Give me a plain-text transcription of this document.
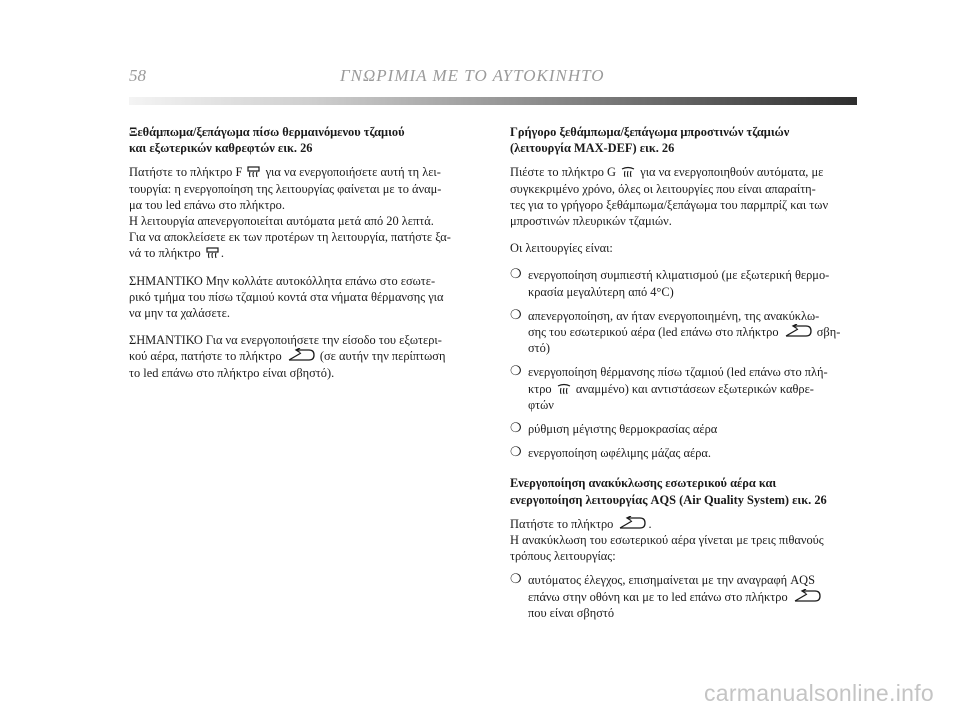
58	ΓΝΩΡΙΜΙΑ ΜΕ ΤΟ ΑΥΤΟΚΙΝΗΤΟ
Ξεθάμπωμα/ξεπάγωμα πίσω θερμαινόμενου τζαμιού
και εξωτερικών καθρεφτών εικ. 26
Πατήστε το πλήκτρο F για να ενεργοποιήσετε αυτή τη λει-
τουργία: η ενεργοποίηση της λειτουργίας φαίνεται με το άναμ-
μα του led επάνω στο πλήκτρο.
Η λειτουργία απενεργοποιείται αυτόματα μετά από 20 λεπτά.
Για να αποκλείσετε εκ των προτέρων τη λειτουργία, πατήστε ξα-
νά το πλήκτρο .
ΣΗΜΑΝΤΙΚΟ Μην κολλάτε αυτοκόλλητα επάνω στο εσωτε-
ρικό τμήμα του πίσω τζαμιού κοντά στα νήματα θέρμανσης για
να μην τα χαλάσετε.
ΣΗΜΑΝΤΙΚΟ Για να ενεργοποιήσετε την είσοδο του εξωτερι-
κού αέρα, πατήστε το πλήκτρο	(σε αυτήν την περίπτωση
το led επάνω στο πλήκτρο είναι σβηστό).
Γρήγορο ξεθάμπωμα/ξεπάγωμα μπροστινών τζαμιών
(λειτουργία MAX-DEF) εικ. 26
Πιέστε το πλήκτρο G για να ενεργοποιηθούν αυτόματα, με
συγκεκριμένο χρόνο, όλες οι λειτουργίες που είναι απαραίτη-
τες για το γρήγορο ξεθάμπωμα/ξεπάγωμα του παρμπρίζ και των
μπροστινών πλευρικών τζαμιών.
Οι λειτουργίες είναι:
❍ ενεργοποίηση συμπιεστή κλιματισμού (με εξωτερική θερμο-
κρασία μεγαλύτερη από 4°C)
❍ απενεργοποίηση, αν ήταν ενεργοποιημένη, της ανακύκλω-
σης του εσωτερικού αέρα (led επάνω στο πλήκτρο	σβη-
στό)
❍ ενεργοποίηση θέρμανσης πίσω τζαμιού (led επάνω στο πλή-
κτρο αναμμένο) και αντιστάσεων εξωτερικών καθρε-
φτών
❍ ρύθμιση μέγιστης θερμοκρασίας αέρα
❍ ενεργοποίηση ωφέλιμης μάζας αέρα.
Ενεργοποίηση ανακύκλωσης εσωτερικού αέρα και
ενεργοποίηση λειτουργίας AQS (Air Quality System) εικ. 26
Πατήστε το πλήκτρο	.
Η ανακύκλωση του εσωτερικού αέρα γίνεται με τρεις πιθανούς
τρόπους λειτουργίας:
❍ αυτόματος έλεγχος, επισημαίνεται με την αναγραφή AQS
επάνω στην οθόνη και με το led επάνω στο πλήκτρο
που είναι σβηστό
carmanualsonline.info
